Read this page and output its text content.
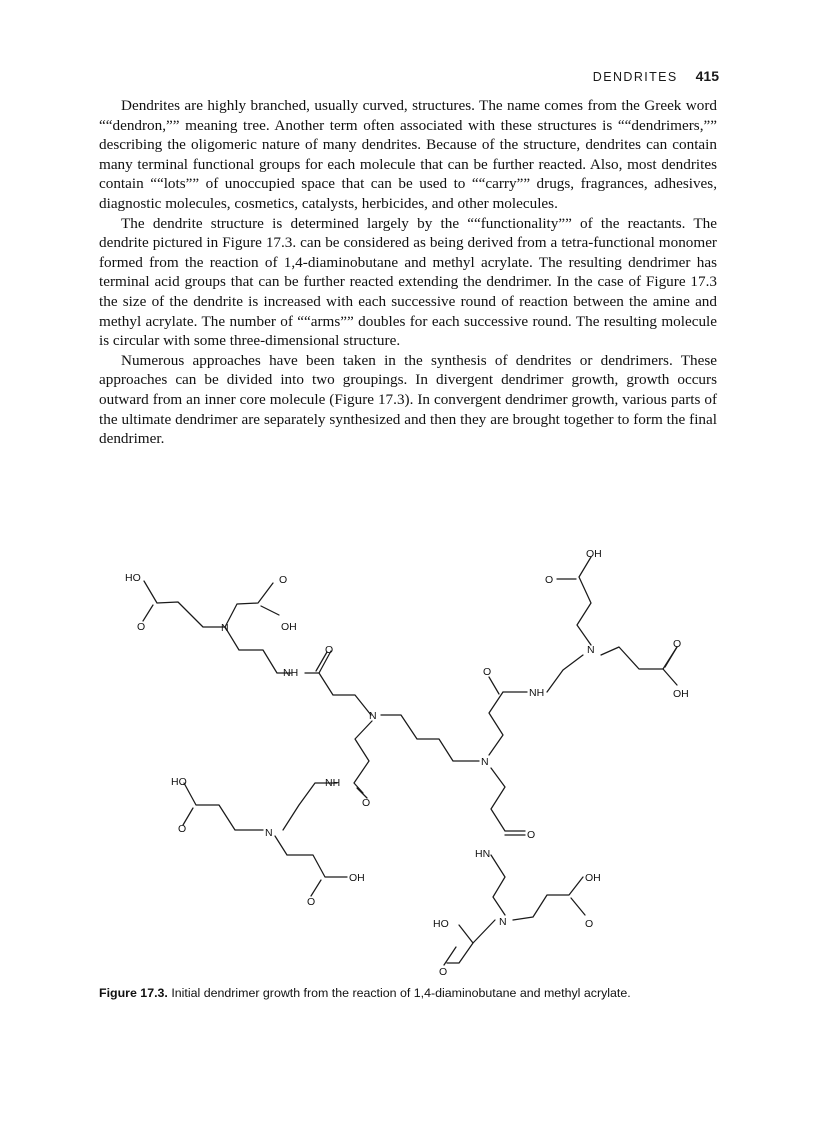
DENDRITES 415

Dendrites are highly branched, usually curved, structures. The name comes from the Greek word ““dendron,”” meaning tree. Another term often associated with these structures is ““dendrimers,”” describing the oligomeric nature of many dendrites. Because of the structure, dendrites can contain many terminal functional groups for each molecule that can be further reacted. Also, most dendrites contain ““lots”” of unoccupied space that can be used to ““carry”” drugs, fragrances, adhesives, diagnostic molecules, cosmetics, catalysts, herbicides, and other molecules.

The dendrite structure is determined largely by the ““functionality”” of the reactants. The dendrite pictured in Figure 17.3. can be considered as being derived from a tetra-functional monomer formed from the reaction of 1,4-diaminobutane and methyl acrylate. The resulting dendrimer has terminal acid groups that can be further reacted extending the dendrimer. In the case of Figure 17.3 the size of the dendrite is increased with each successive round of reaction between the amine and methyl acrylate. The number of ““arms”” doubles for each successive round. The resulting molecule is circular with some three-dimensional structure.

Numerous approaches have been taken in the synthesis of dendrites or dendrimers. These approaches can be divided into two groupings. In divergent dendrimer growth, growth occurs outward from an inner core molecule (Figure 17.3). In convergent dendrimer growth, various parts of the ultimate dendrimer are separately synthesized and then they are brought together to form the final dendrimer.

HO
O
O
N	OH
NH
O
N
O
NH
OH
O
N	O
OH
N
NH
O
HO
O	N
OH
O
O
HN
N
OH
O
HO
O
Figure 17.3. Initial dendrimer growth from the reaction of 1,4-diaminobutane and methyl acrylate.
